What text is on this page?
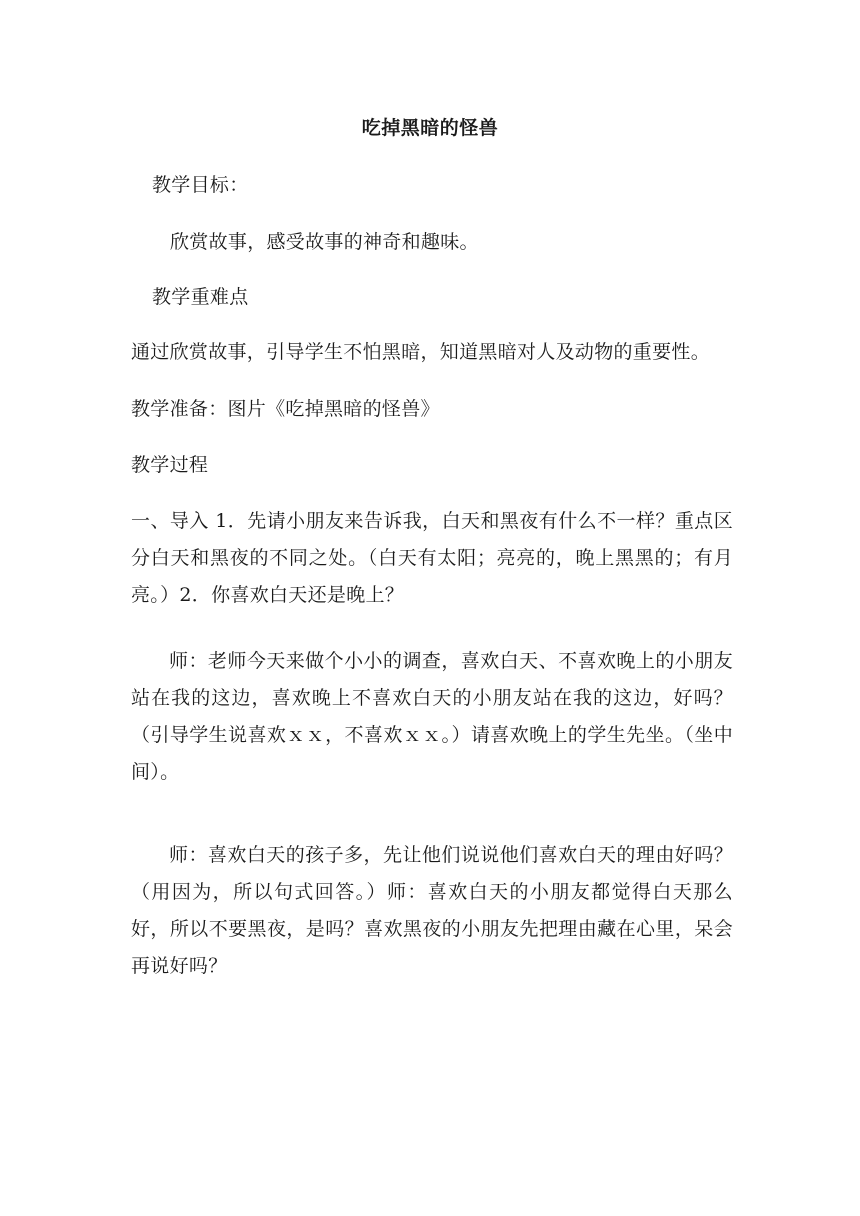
吃掉黑暗的怪兽
教学目标：
欣赏故事，感受故事的神奇和趣味。
教学重难点
通过欣赏故事，引导学生不怕黑暗，知道黑暗对人及动物的重要性。
教学准备：图片《吃掉黑暗的怪兽》
教学过程
一、导入 1．先请小朋友来告诉我，白天和黑夜有什么不一样？重点区分白天和黑夜的不同之处。（白天有太阳；亮亮的，晚上黑黑的；有月亮。）2．你喜欢白天还是晚上？
师：老师今天来做个小小的调查，喜欢白天、不喜欢晚上的小朋友站在我的这边，喜欢晚上不喜欢白天的小朋友站在我的这边，好吗？（引导学生说喜欢ｘｘ，不喜欢ｘｘ。）请喜欢晚上的学生先坐。（坐中间）。
师：喜欢白天的孩子多，先让他们说说他们喜欢白天的理由好吗？（用因为，所以句式回答。）师：喜欢白天的小朋友都觉得白天那么好，所以不要黑夜，是吗？喜欢黑夜的小朋友先把理由藏在心里，呆会再说好吗？
